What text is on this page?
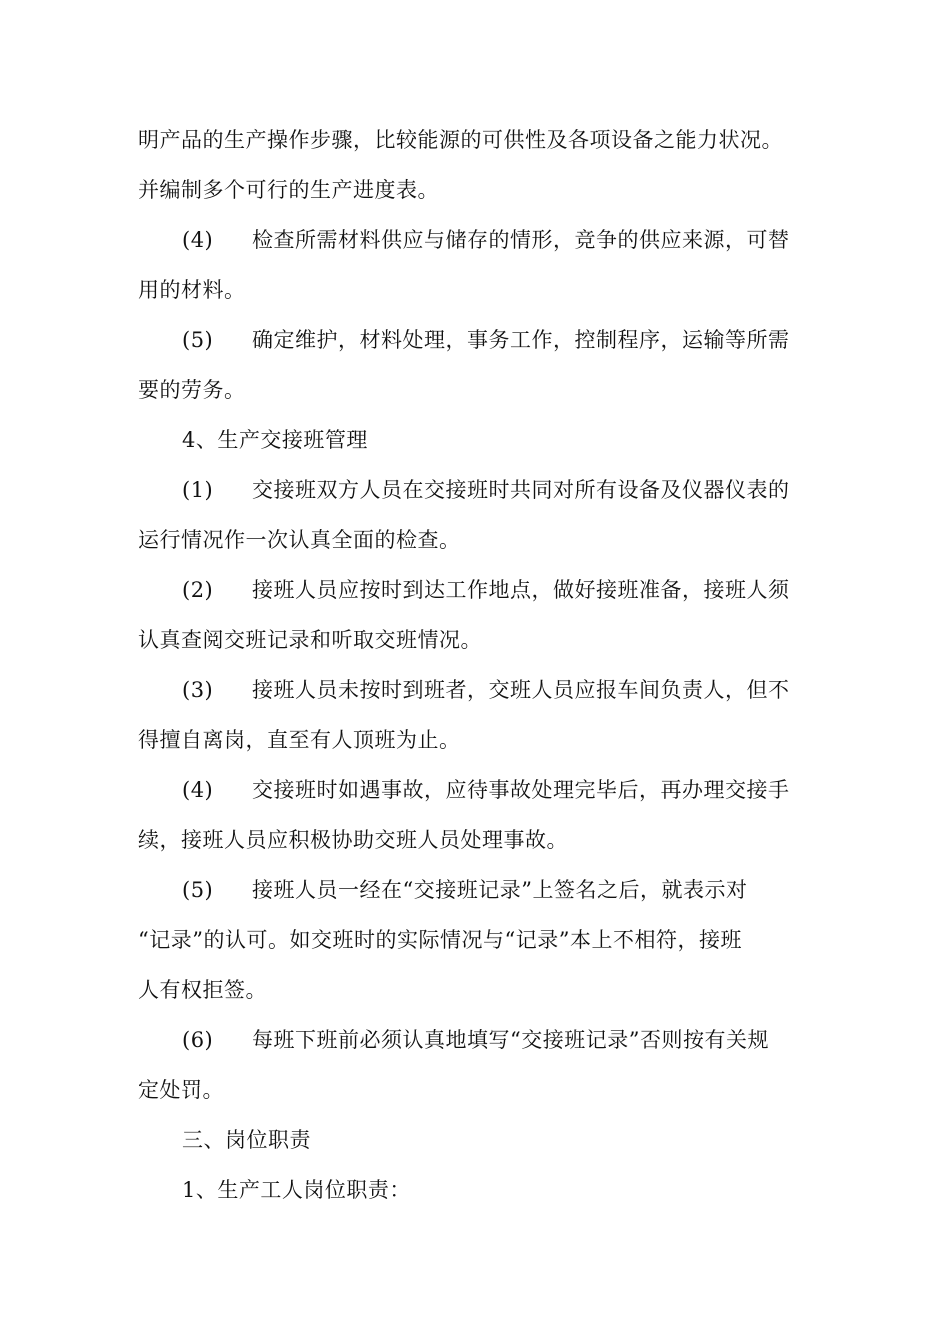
明产品的生产操作步骤，比较能源的可供性及各项设备之能力状况。
并编制多个可行的生产进度表。
(4) 检查所需材料供应与储存的情形，竞争的供应来源，可替
用的材料。
(5) 确定维护，材料处理，事务工作，控制程序，运输等所需
要的劳务。
4、生产交接班管理
(1) 交接班双方人员在交接班时共同对所有设备及仪器仪表的
运行情况作一次认真全面的检查。
(2) 接班人员应按时到达工作地点，做好接班准备，接班人须
认真查阅交班记录和听取交班情况。
(3) 接班人员未按时到班者，交班人员应报车间负责人，但不
得擅自离岗，直至有人顶班为止。
(4) 交接班时如遇事故，应待事故处理完毕后，再办理交接手
续，接班人员应积极协助交班人员处理事故。
(5) 接班人员一经在“交接班记录”上签名之后，就表示对
“记录”的认可。如交班时的实际情况与“记录”本上不相符，接班
人有权拒签。
(6) 每班下班前必须认真地填写“交接班记录”否则按有关规
定处罚。
三、岗位职责
1、生产工人岗位职责：
